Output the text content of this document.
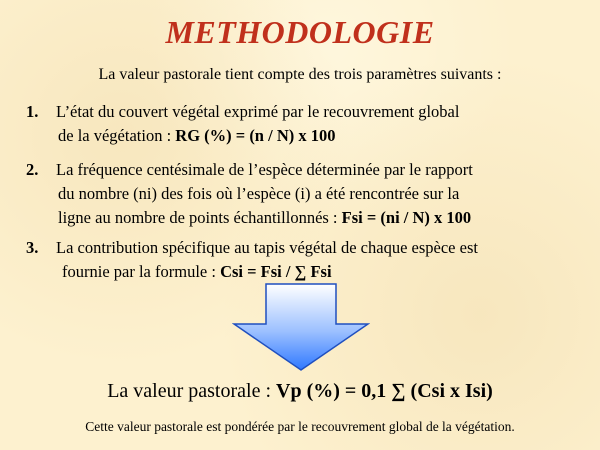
METHODOLOGIE
La valeur pastorale tient compte des trois paramètres suivants :
1. L’état du couvert végétal exprimé par le recouvrement global
de la végétation : RG (%) = (n / N) x 100
2. La fréquence centésimale de l’espèce déterminée par le rapport
du nombre (ni) des fois où l’espèce (i) a été rencontrée sur la
ligne au nombre de points échantillonnés : Fsi = (ni / N) x 100
3. La contribution spécifique au tapis végétal de chaque espèce est
fournie par la formule : Csi = Fsi / ∑ Fsi
La valeur pastorale : Vp (%) = 0,1 ∑ (Csi x Isi)
Cette valeur pastorale est pondérée par le recouvrement global de la végétation.
